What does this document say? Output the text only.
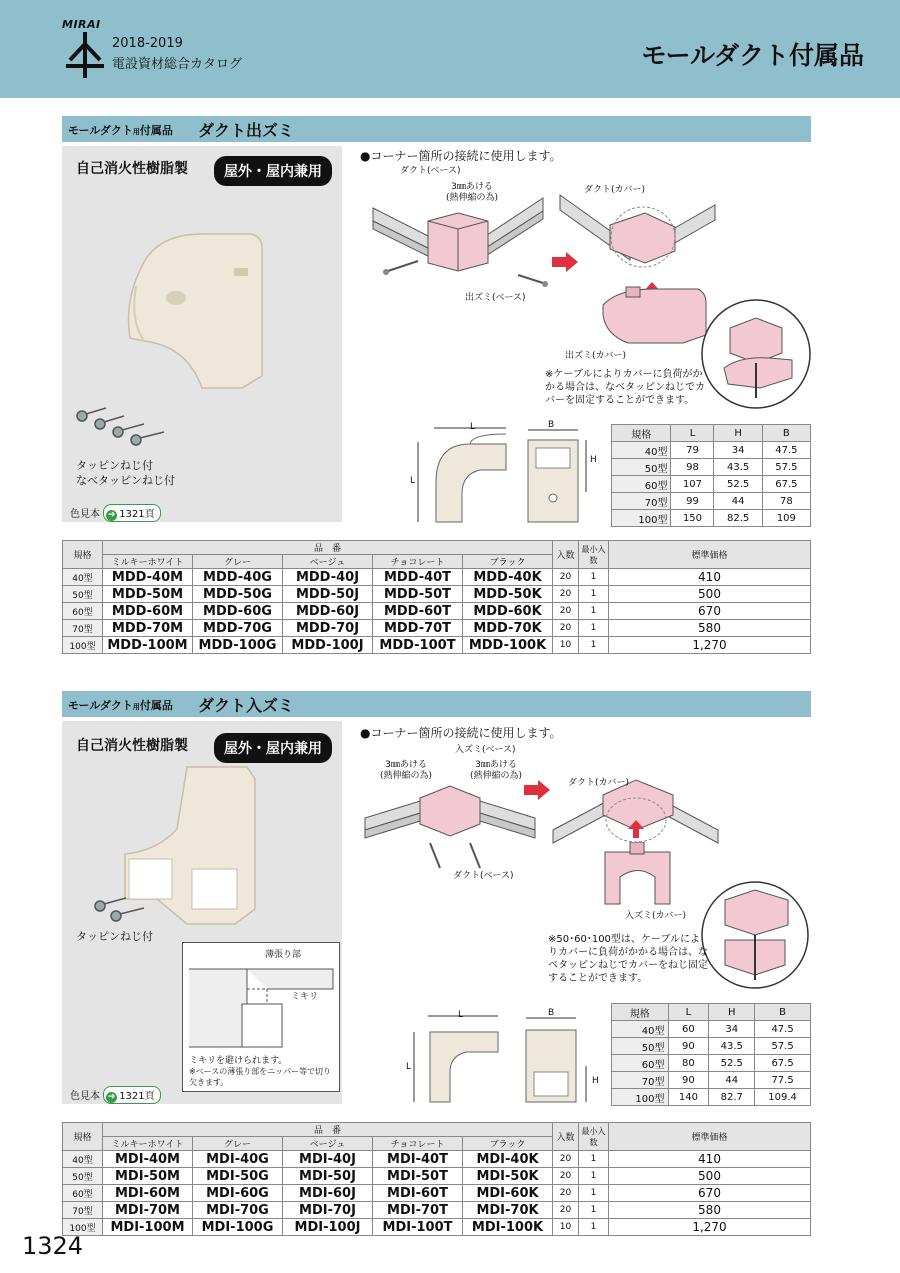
MIRAI
2018-2019
電設資材総合カタログ	モールダクト付属品
モールダクト用付属品 ダクト出ズミ
自己消火性樹脂製	屋外・屋内兼用
タッピンねじ付
なべタッピンねじ付
色見本 ➔ 1321頁
●コーナー箇所の接続に使用します。
ダクト(ベース)
3㎜あける
(熱伸縮の為)
出ズミ(ベース)
ダクト(カバー)
出ズミ(カバー)
※ケーブルによりカバーに負荷がかかる場合は、なベタッピンねじでカバーを固定することができます。
L
L
B
H
規格	L	H	B
40型	79	34	47.5
50型	98	43.5	57.5
60型	107	52.5	67.5
70型	99	44	78
100型	150	82.5	109
規格	品　番					入数	最小入数	標準価格
	ミルキーホワイト	グレー	ベージュ	チョコレート	ブラック			
40型	MDD-40M	MDD-40G	MDD-40J	MDD-40T	MDD-40K	20	1	410
50型	MDD-50M	MDD-50G	MDD-50J	MDD-50T	MDD-50K	20	1	500
60型	MDD-60M	MDD-60G	MDD-60J	MDD-60T	MDD-60K	20	1	670
70型	MDD-70M	MDD-70G	MDD-70J	MDD-70T	MDD-70K	20	1	580
100型	MDD-100M	MDD-100G	MDD-100J	MDD-100T	MDD-100K	10	1	1,270
モールダクト用付属品 ダクト入ズミ
自己消火性樹脂製	屋外・屋内兼用
タッピンねじ付
色見本 ➔ 1321頁
薄張り部
ミキリ
ミキリを避けられます。
※ベースの薄張り部をニッパー等で切り欠きます。
●コーナー箇所の接続に使用します。
入ズミ(ベース)
3㎜あける
(熱伸縮の為)
3㎜あける
(熱伸縮の為)
ダクト(ベース)
ダクト(カバー)
入ズミ(カバー)
※50･60･100型は、ケーブルによりカバーに負荷がかかる場合は、なベタッピンねじでカバーをねじ固定することができます。
L
L
B
H
規格	L	H	B
40型	60	34	47.5
50型	90	43.5	57.5
60型	80	52.5	67.5
70型	90	44	77.5
100型	140	82.7	109.4
規格	品　番					入数	最小入数	標準価格
	ミルキーホワイト	グレー	ベージュ	チョコレート	ブラック			
40型	MDI-40M	MDI-40G	MDI-40J	MDI-40T	MDI-40K	20	1	410
50型	MDI-50M	MDI-50G	MDI-50J	MDI-50T	MDI-50K	20	1	500
60型	MDI-60M	MDI-60G	MDI-60J	MDI-60T	MDI-60K	20	1	670
70型	MDI-70M	MDI-70G	MDI-70J	MDI-70T	MDI-70K	20	1	580
100型	MDI-100M	MDI-100G	MDI-100J	MDI-100T	MDI-100K	10	1	1,270
1324
